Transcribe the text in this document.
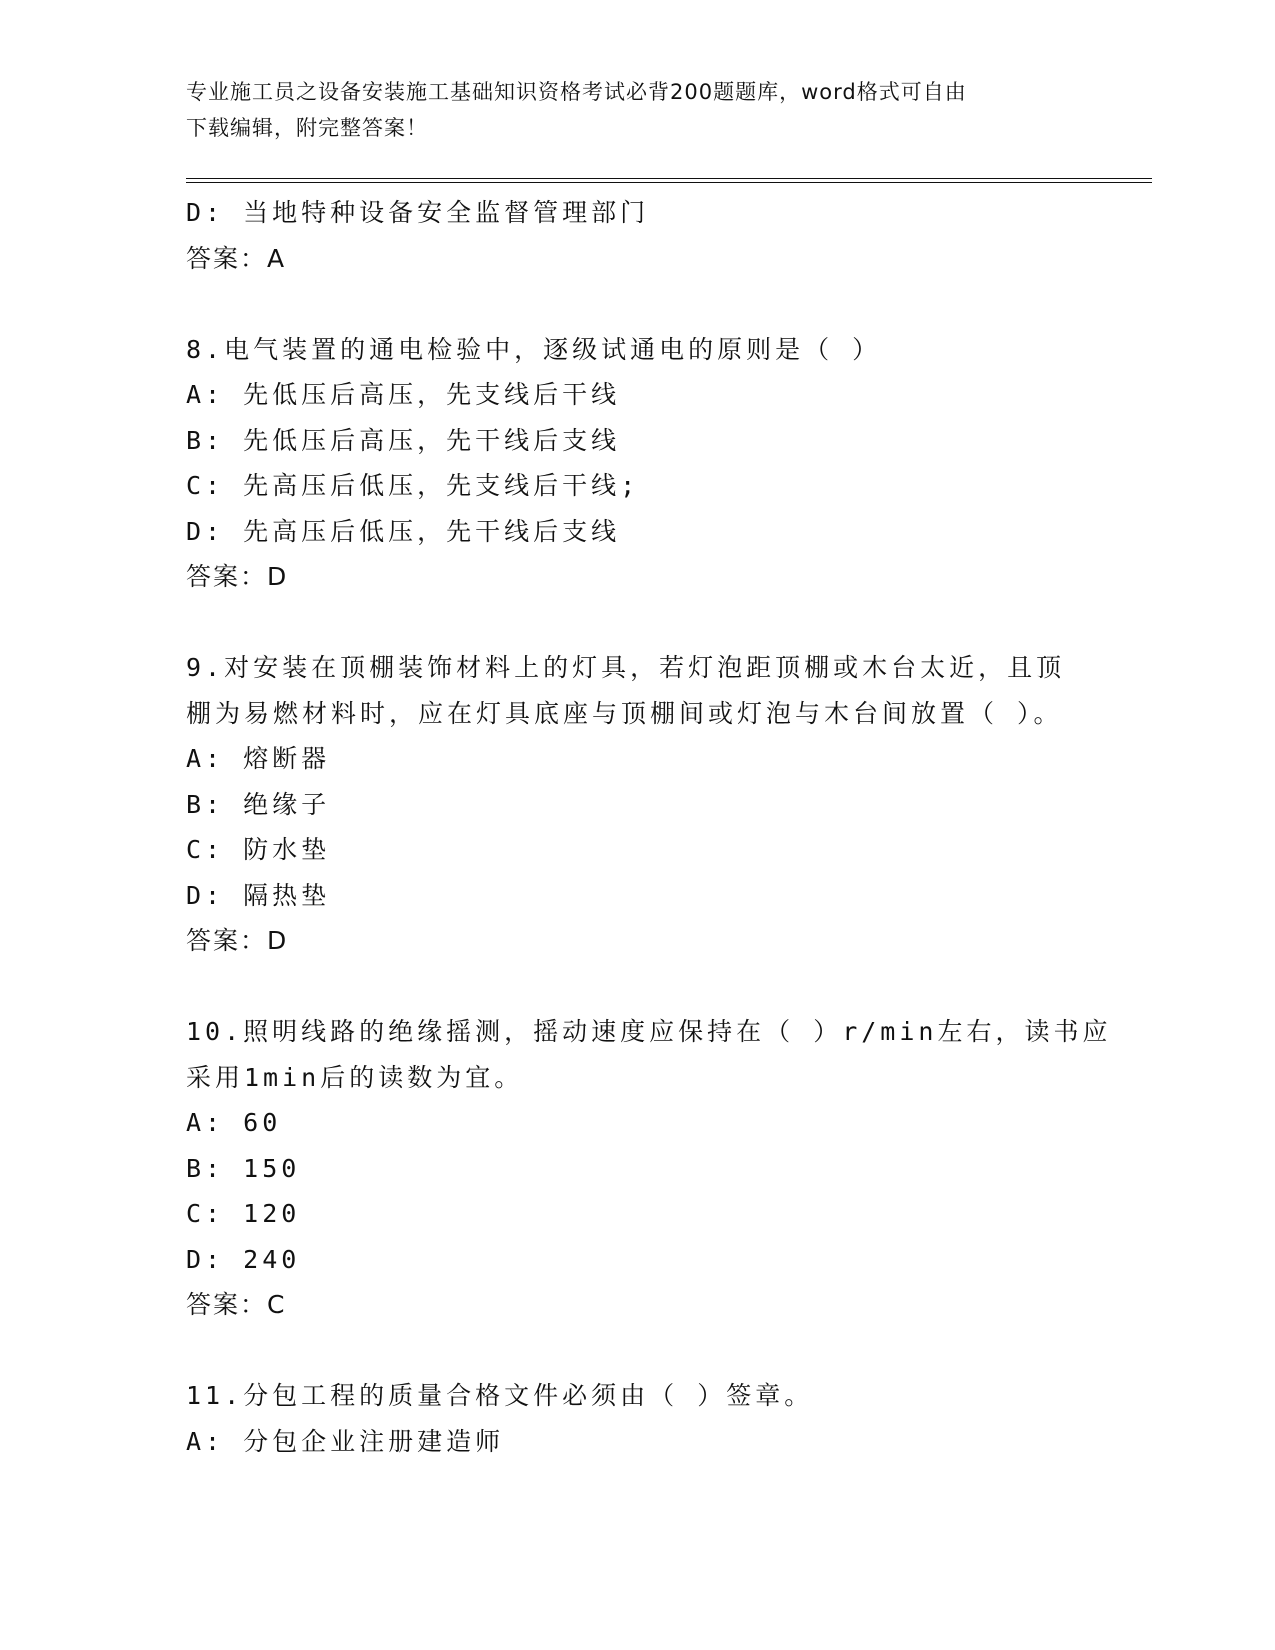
专业施工员之设备安装施工基础知识资格考试必背200题题库，word格式可自由
下载编辑，附完整答案！
D: 当地特种设备安全监督管理部门
答案：A
8.电气装置的通电检验中，逐级试通电的原则是（ ）
A: 先低压后高压，先支线后干线
B: 先低压后高压，先干线后支线
C: 先高压后低压，先支线后干线;
D: 先高压后低压，先干线后支线
答案：D
9.对安装在顶棚装饰材料上的灯具，若灯泡距顶棚或木台太近，且顶
棚为易燃材料时，应在灯具底座与顶棚间或灯泡与木台间放置（ ）。
A: 熔断器
B: 绝缘子
C: 防水垫
D: 隔热垫
答案：D
10.照明线路的绝缘摇测，摇动速度应保持在（ ）r/min左右，读书应
采用1min后的读数为宜。
A: 60
B: 150
C: 120
D: 240
答案：C
11.分包工程的质量合格文件必须由（ ）签章。
A: 分包企业注册建造师
